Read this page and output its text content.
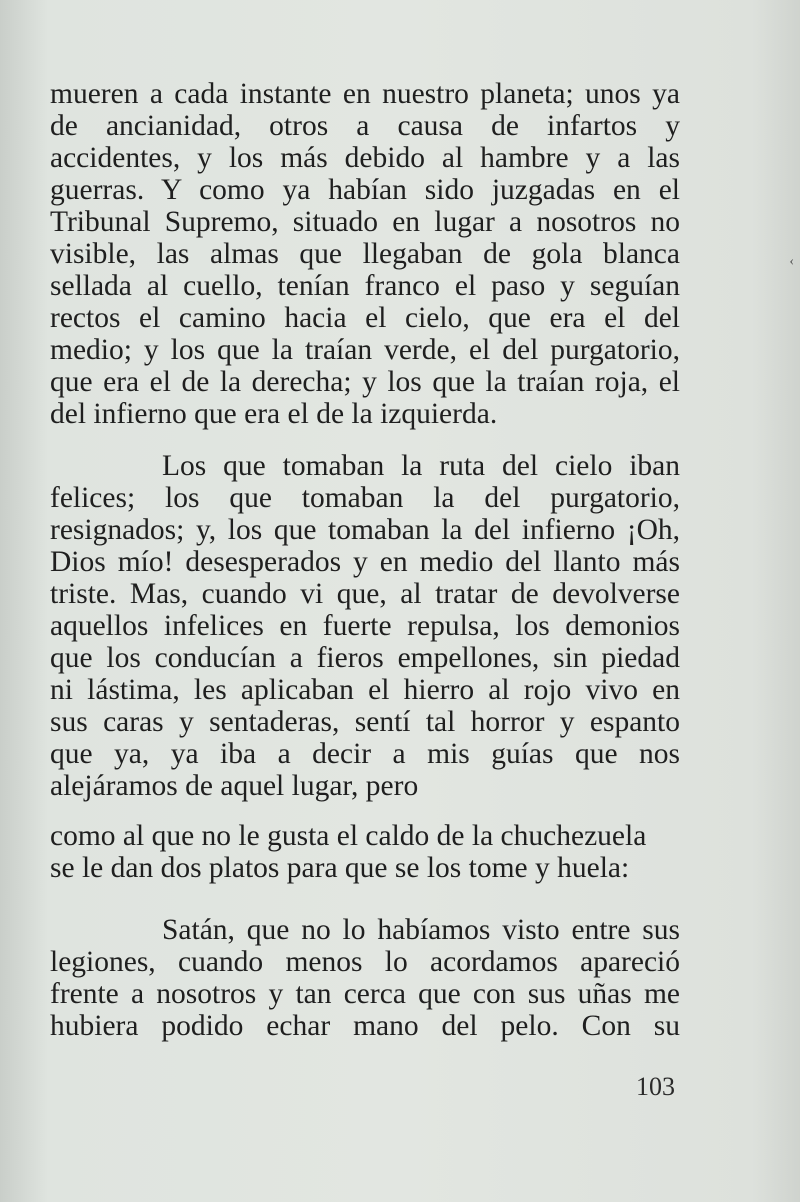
mueren a cada instante en nuestro planeta; unos ya
de ancianidad, otros a causa de infartos y
accidentes, y los más debido al hambre y a las
guerras. Y como ya habían sido juzgadas en el
Tribunal Supremo, situado en lugar a nosotros no
visible, las almas que llegaban de gola blanca
sellada al cuello, tenían franco el paso y seguían
rectos el camino hacia el cielo, que era el del
medio; y los que la traían verde, el del purgatorio,
que era el de la derecha; y los que la traían roja, el
del infierno que era el de la izquierda.
Los que tomaban la ruta del cielo iban
felices; los que tomaban la del purgatorio,
resignados; y, los que tomaban la del infierno ¡Oh,
Dios mío! desesperados y en medio del llanto más
triste. Mas, cuando vi que, al tratar de devolverse
aquellos infelices en fuerte repulsa, los demonios
que los conducían a fieros empellones, sin piedad
ni lástima, les aplicaban el hierro al rojo vivo en
sus caras y sentaderas, sentí tal horror y espanto
que ya, ya iba a decir a mis guías que nos
alejáramos de aquel lugar, pero
como al que no le gusta el caldo de la chuchezuela
se le dan dos platos para que se los tome y huela:
Satán, que no lo habíamos visto entre sus
legiones, cuando menos lo acordamos apareció
frente a nosotros y tan cerca que con sus uñas me
hubiera podido echar mano del pelo. Con su
103
‹
